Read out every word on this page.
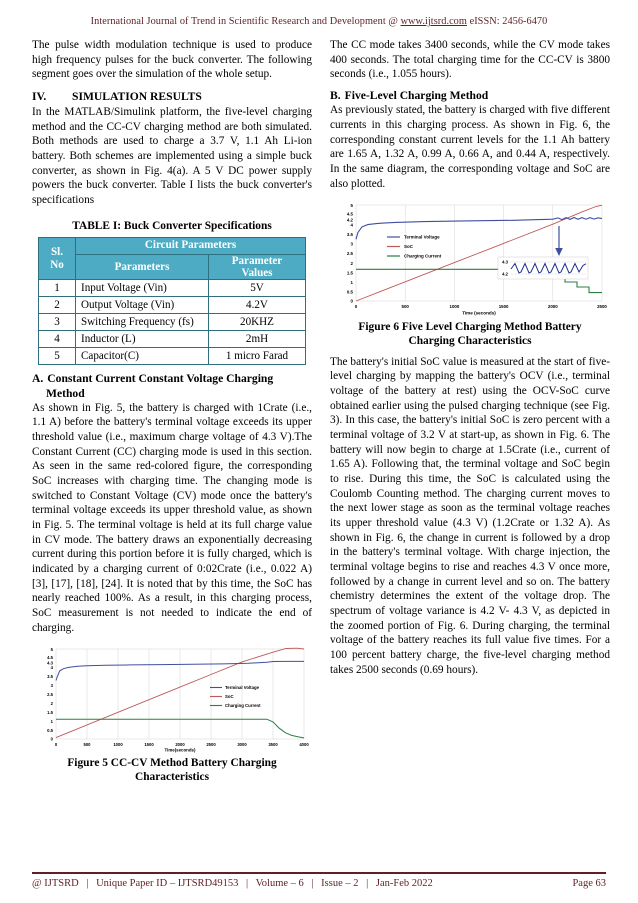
International Journal of Trend in Scientific Research and Development @ www.ijtsrd.com eISSN: 2456-6470

The pulse width modulation technique is used to produce high frequency pulses for the buck converter. The following segment goes over the simulation of the whole setup.

IV.	SIMULATION RESULTS

In the MATLAB/Simulink platform, the five-level charging method and the CC-CV charging method are both simulated. Both methods are used to charge a 3.7 V, 1.1 Ah Li-ion battery. Both schemes are implemented using a simple buck converter, as shown in Fig. 4(a). A 5 V DC power supply powers the buck converter. Table I lists the buck converter's specifications

TABLE I: Buck Converter Specifications
Sl.
No	Circuit Parameters	
	Parameters	Parameter
Values

1	Input Voltage (Vin)	5V
2	Output Voltage (Vin)	4.2V
3	Switching Frequency (fs)	20KHZ
4	Inductor (L)	2mH
5	Capacitor(C)	1 micro Farad
A. Constant Current Constant Voltage Charging Method

As shown in Fig. 5, the battery is charged with 1Crate (i.e., 1.1 A) before the battery's terminal voltage exceeds its upper threshold value (i.e., maximum charge voltage of 4.3 V).The Constant Current (CC) charging mode is used in this section. As seen in the same red-colored figure, the corresponding SoC increases with charging time. The changing mode is switched to Constant Voltage (CV) mode once the battery's terminal voltage exceeds its upper threshold value, as shown in Fig. 5. The terminal voltage is held at its full charge value in CV mode. The battery draws an exponentially decreasing current during this portion before it is fully charged, which is indicated by a charging current of 0:02Crate (i.e., 0.022 A) [3], [17], [18], [24]. It is noted that by this time, the SoC has nearly reached 100%. As a result, in this charging process, SoC measurement is not needed to indicate the end of charging.

5
4.5
4.3
4
3.5
3
2.5
2
1.5
1
0.5
0
0	500	1000	1500	2000	2500	3000	3500	4000
Time(seconds)
Terminal Voltage
SoC
Charging Current
Figure 5 CC-CV Method Battery Charging
Characteristics

The CC mode takes 3400 seconds, while the CV mode takes 400 seconds. The total charging time for the CC-CV is 3800 seconds (i.e., 1.055 hours).

B. Five-Level Charging Method

As previously stated, the battery is charged with five different currents in this charging process. As shown in Fig. 6, the corresponding constant current levels for the 1.1 Ah battery are 1.65 A, 1.32 A, 0.99 A, 0.66 A, and 0.44 A, respectively. In the same diagram, the corresponding voltage and SoC are also plotted.

5
4.5
4.2
4
3.5
3
2.5
2
1.5
1
0.5
0
0	500	1000	1500	2000	2500
Time (seconds)
Terminal Voltage
SoC
Charging Current
4.3
4.2
Figure 6 Five Level Charging Method Battery
Charging Characteristics

The battery's initial SoC value is measured at the start of five-level charging by mapping the battery's OCV (i.e., terminal voltage of the battery at rest) using the OCV-SoC curve obtained earlier using the pulsed charging technique (see Fig. 3). In this case, the battery's initial SoC is zero percent with a terminal voltage of 3.2 V at start-up, as shown in Fig. 6. The battery will now begin to charge at 1.5Crate (i.e., current of 1.65 A). Following that, the terminal voltage and SoC begin to rise. During this time, the SoC is calculated using the Coulomb Counting method. The charging current moves to the next lower stage as soon as the terminal voltage reaches its upper threshold value (4.3 V) (1.2Crate or 1.32 A). As shown in Fig. 6, the change in current is followed by a drop in the battery's terminal voltage. With charge injection, the terminal voltage begins to rise and reaches 4.3 V once more, followed by a change in current level and so on. The battery chemistry determines the extent of the voltage drop. The spectrum of voltage variance is 4.2 V- 4.3 V, as depicted in the zoomed portion of Fig. 6. During charging, the terminal voltage of the battery reaches its full value five times. For a 100 percent battery charge, the five-level charging method takes 2500 seconds (0.69 hours).

@ IJTSRD | Unique Paper ID – IJTSRD49153 | Volume – 6 | Issue – 2 | Jan-Feb 2022	Page 63
